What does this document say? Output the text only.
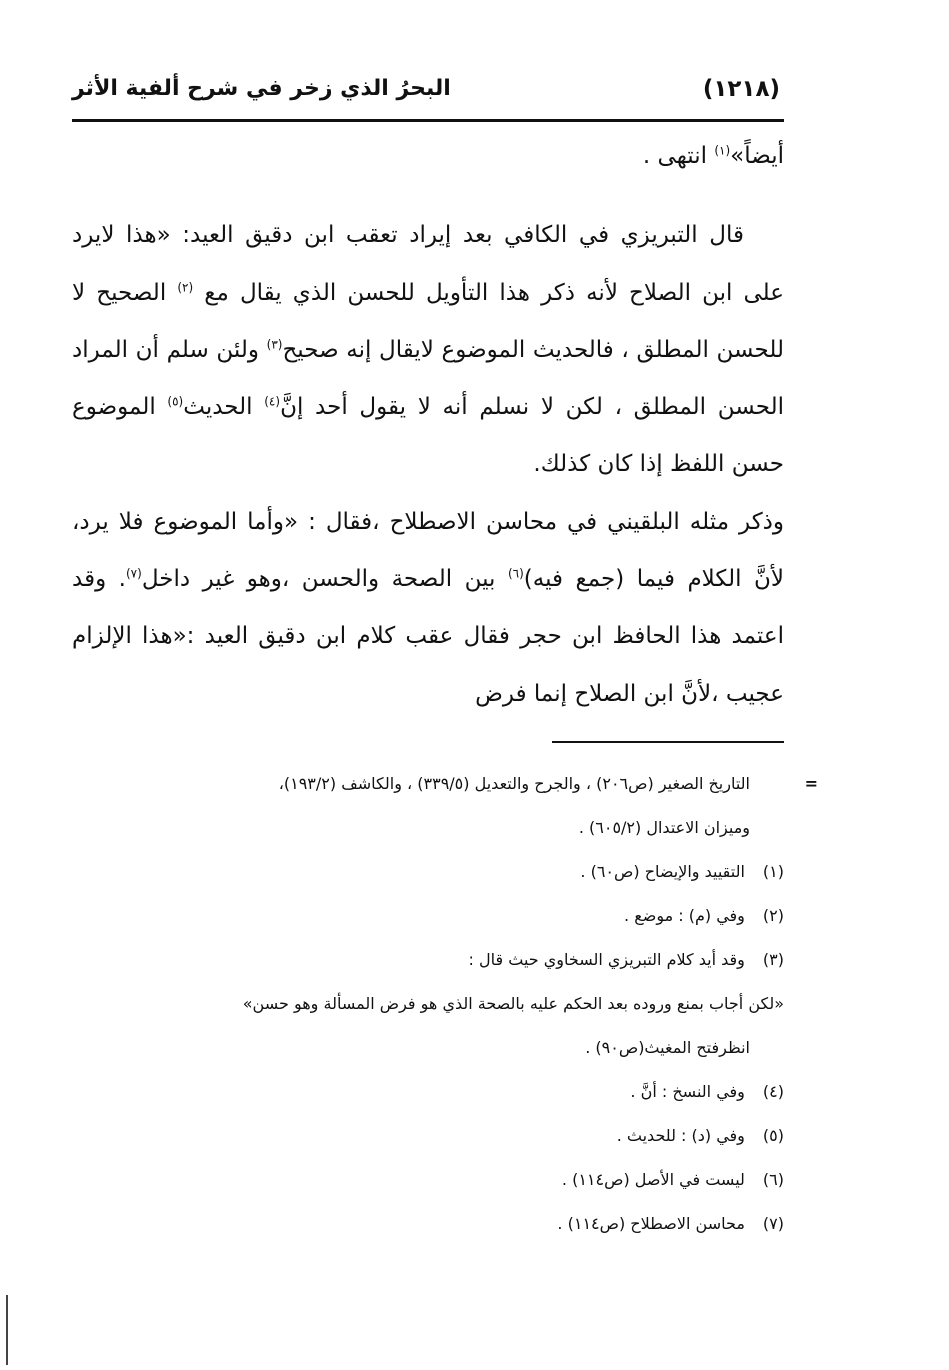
(١٢١٨)
البحرُ الذي زخر في شرح ألفية الأثر

أيضاً»$^{(١)}$ انتهى .

قال التبريزي في الكافي بعد إيراد تعقب ابن دقيق العيد: «هذا لايرد على ابن الصلاح لأنه ذكر هذا التأويل للحسن الذي يقال مع $^{(٢)}$ الصحيح لا للحسن المطلق ، فالحديث الموضوع لايقال إنه صحيح$^{(٣)}$ ولئن سلم أن المراد الحسن المطلق ، لكن لا نسلم أنه لا يقول أحد إنَّ$^{(٤)}$ الحديث$^{(٥)}$ الموضوع حسن اللفظ إذا كان كذلك.

وذكر مثله البلقيني في محاسن الاصطلاح ،فقال : «وأما الموضوع فلا يرد، لأنَّ الكلام فيما (جمع فيه)$^{(٦)}$ بين الصحة والحسن ،وهو غير داخل$^{(٧)}$. وقد اعتمد هذا الحافظ ابن حجر فقال عقب كلام ابن دقيق العيد :«هذا الإلزام عجيب ،لأنَّ ابن الصلاح إنما فرض

=
التاريخ الصغير (ص٢٠٦) ، والجرح والتعديل (٣٣٩/٥) ، والكاشف (١٩٣/٢)،
وميزان الاعتدال (٦٠٥/٢) .
(١) التقييد والإيضاح (ص٦٠) .
(٢) وفي (م) : موضع .
(٣) وقد أيد كلام التبريزي السخاوي حيث قال :
«لكن أجاب بمنع وروده بعد الحكم عليه بالصحة الذي هو فرض المسألة وهو حسن»
انظرفتح المغيث(ص٩٠) .
(٤) وفي النسخ : أنَّ .
(٥) وفي (د) : للحديث .
(٦) ليست في الأصل (ص١١٤) .
(٧) محاسن الاصطلاح (ص١١٤) .
